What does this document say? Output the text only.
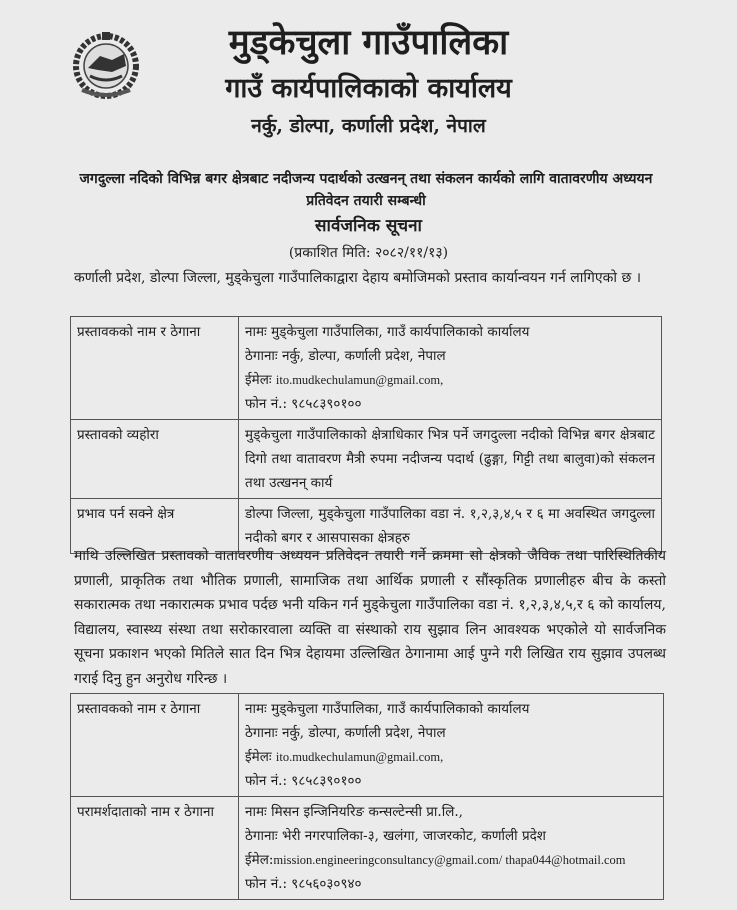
मुड्केचुला गाउँपालिका
गाउँ कार्यपालिकाको कार्यालय
नर्कु, डोल्पा, कर्णाली प्रदेश, नेपाल
जगदुल्ला नदिको विभिन्न बगर क्षेत्रबाट नदीजन्य पदार्थको उत्खनन् तथा संकलन कार्यको लागि वातावरणीय अध्ययन प्रतिवेदन तयारी सम्बन्धी
सार्वजनिक सूचना
(प्रकाशित मिति: २०८२/११/१३)
कर्णाली प्रदेश, डोल्पा जिल्ला, मुड्केचुला गाउँपालिकाद्वारा देहाय बमोजिमको प्रस्ताव कार्यान्वयन गर्न लागिएको छ ।
प्रस्तावकको नाम र ठेगाना	नामः मुड्केचुला गाउँपालिका, गाउँ कार्यपालिकाको कार्यालय
ठेगानाः नर्कु, डोल्पा, कर्णाली प्रदेश, नेपाल
ईमेलः ito.mudkechulamun@gmail.com,
फोन नं.: ९८५८३९०१००

प्रस्तावको व्यहोरा	मुड्केचुला गाउँपालिकाको क्षेत्राधिकार भित्र पर्ने जगदुल्ला नदीको विभिन्न बगर क्षेत्रबाट दिगो तथा वातावरण मैत्री रुपमा नदीजन्य पदार्थ (ढुङ्गा, गिट्टी तथा बालुवा)को संकलन तथा उत्खनन् कार्य
प्रभाव पर्न सक्ने क्षेत्र	डोल्पा जिल्ला, मुड्केचुला गाउँपालिका वडा नं. १,२,३,४,५ र ६ मा अवस्थित जगदुल्ला नदीको बगर र आसपासका क्षेत्रहरु
माथि उल्लिखित प्रस्तावको वातावरणीय अध्ययन प्रतिवेदन तयारी गर्ने क्रममा सो क्षेत्रको जैविक तथा पारिस्थितिकीय प्रणाली, प्राकृतिक तथा भौतिक प्रणाली, सामाजिक तथा आर्थिक प्रणाली र सौंस्कृतिक प्रणालीहरु बीच के कस्तो सकारात्मक तथा नकारात्मक प्रभाव पर्दछ भनी यकिन गर्न मुड्केचुला गाउँपालिका वडा नं. १,२,३,४,५,र ६ को कार्यालय, विद्यालय, स्वास्थ्य संस्था तथा सरोकारवाला व्यक्ति वा संस्थाको राय सुझाव लिन आवश्यक भएकोले यो सार्वजनिक सूचना प्रकाशन भएको मितिले सात दिन भित्र देहायमा उल्लिखित ठेगानामा आई पुग्ने गरी लिखित राय सुझाव उपलब्ध गराई दिनु हुन अनुरोध गरिन्छ ।
प्रस्तावकको नाम र ठेगाना	नामः मुड्केचुला गाउँपालिका, गाउँ कार्यपालिकाको कार्यालय
ठेगानाः नर्कु, डोल्पा, कर्णाली प्रदेश, नेपाल
ईमेलः ito.mudkechulamun@gmail.com,
फोन नं.: ९८५८३९०१००

परामर्शदाताको नाम र ठेगाना	नामः मिसन इन्जिनियरिङ कन्सल्टेन्सी प्रा.लि.,
ठेगानाः भेरी नगरपालिका-३, खलंगा, जाजरकोट, कर्णाली प्रदेश
ईमेल:mission.engineeringconsultancy@gmail.com/ thapa044@hotmail.com
फोन नं.: ९८५६०३०९४०
